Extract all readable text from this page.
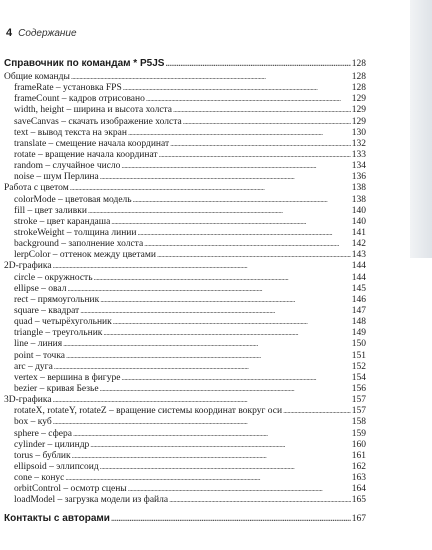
4 Содержание
Справочник по командам * P5JS . . .	128
Общие команды . . .	128
frameRate – установка FPS . . .	128
frameCount – кадров отрисовано . . .	129
width, height – ширина и высота холста . . .	129
saveCanvas – скачать изображение холста . . .	129
text – вывод текста на экран . . .	130
translate – смещение начала координат . . .	132
rotate – вращение начала координат . . .	133
random – случайное число . . .	134
noise – шум Перлина . . .	136
Работа с цветом . . .	138
colorMode – цветовая модель . . .	138
fill – цвет заливки . . .	140
stroke – цвет карандаша . . .	140
strokeWeight – толщина линии . . .	141
background – заполнение холста . . .	142
lerpColor – оттенок между цветами . . .	143
2D-графика . . .	144
circle – окружность . . .	144
ellipse – овал . . .	145
rect – прямоугольник . . .	146
square – квадрат . . .	147
quad – четырёхугольник . . .	148
triangle – треугольник . . .	149
line – линия . . .	150
point – точка . . .	151
arc – дуга . . .	152
vertex – вершина в фигуре . . .	154
bezier – кривая Безье . . .	156
3D-графика . . .	157
rotateX, rotateY, rotateZ – вращение системы координат вокруг оси . . .	157
box – куб . . .	158
sphere – сфера . . .	159
cylinder – цилиндр . . .	160
torus – бублик . . .	161
ellipsoid – эллипсоид . . .	162
cone – конус . . .	163
orbitControl – осмотр сцены . . .	164
loadModel – загрузка модели из файла . . .	165
Контакты с авторами . . .	167
